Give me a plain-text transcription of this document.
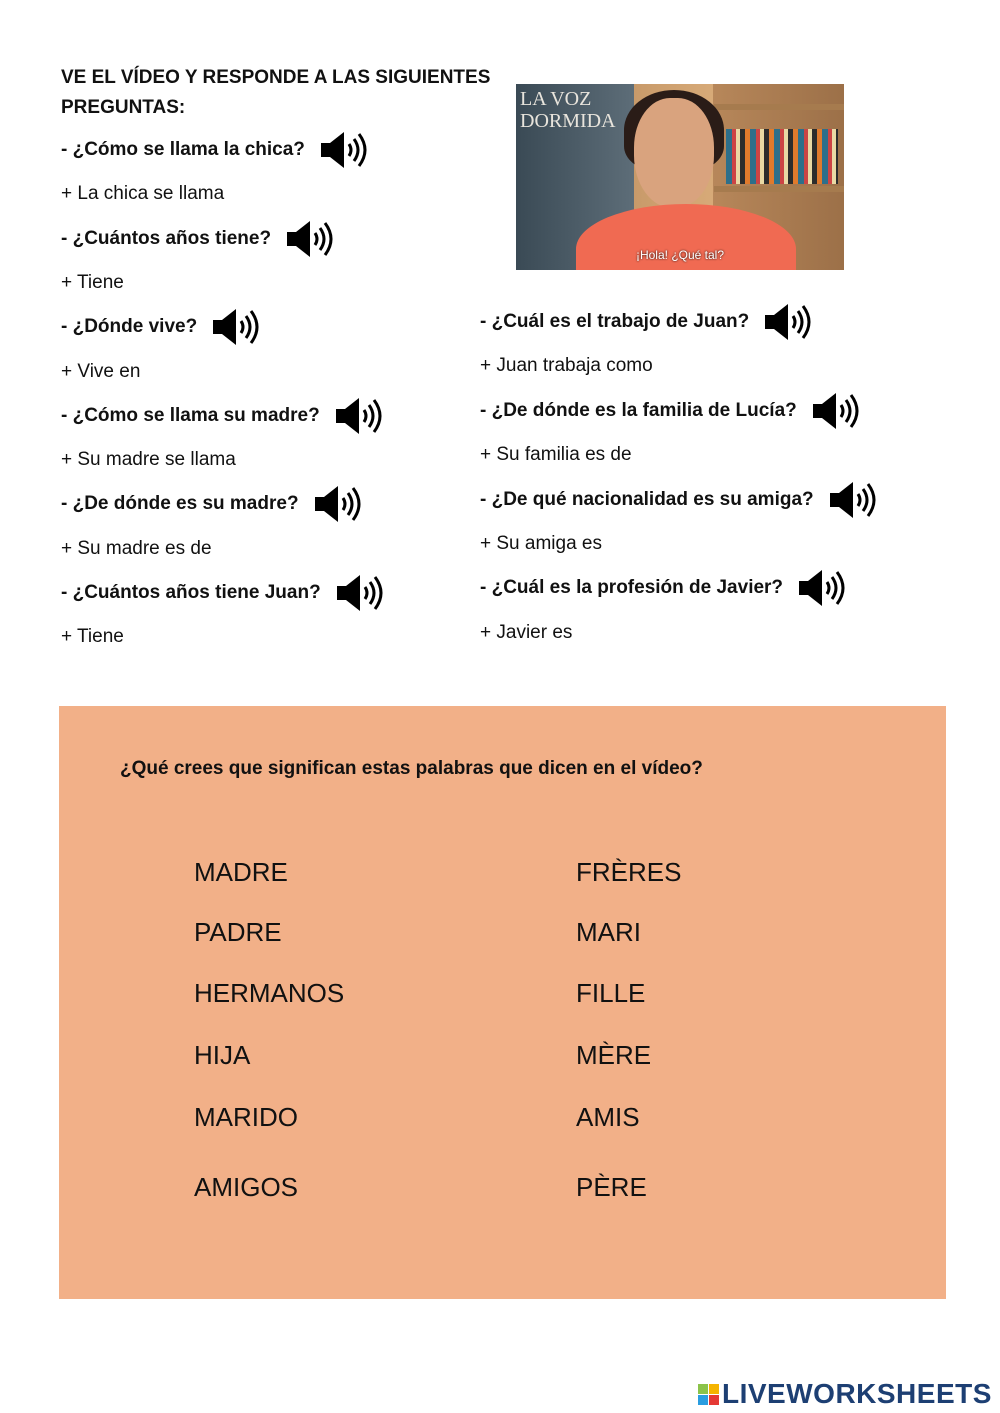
VE EL VÍDEO Y RESPONDE A LAS SIGUIENTES PREGUNTAS:	LA VOZ DORMIDA
¡Hola! ¿Qué tal?
¿Qué crees que significan estas palabras que dicen en el vídeo?
LIVEWORKSHEETS
- ¿Cómo se llama la chica?
+ La chica se llama
- ¿Cuántos años tiene?
+ Tiene
- ¿Dónde vive?
+ Vive en
- ¿Cómo se llama su madre?
+ Su madre se llama
- ¿De dónde es su madre?
+ Su madre es de
- ¿Cuántos años tiene Juan?
+ Tiene
- ¿Cuál es el trabajo de Juan?
+ Juan trabaja como
- ¿De dónde es la familia de Lucía?
+ Su familia es de
- ¿De qué nacionalidad es su amiga?
+ Su amiga es
- ¿Cuál es la profesión de Javier?
+ Javier es
MADRE
PADRE
HERMANOS
HIJA
MARIDO
AMIGOS
FRÈRES
MARI
FILLE
MÈRE
AMIS
PÈRE
